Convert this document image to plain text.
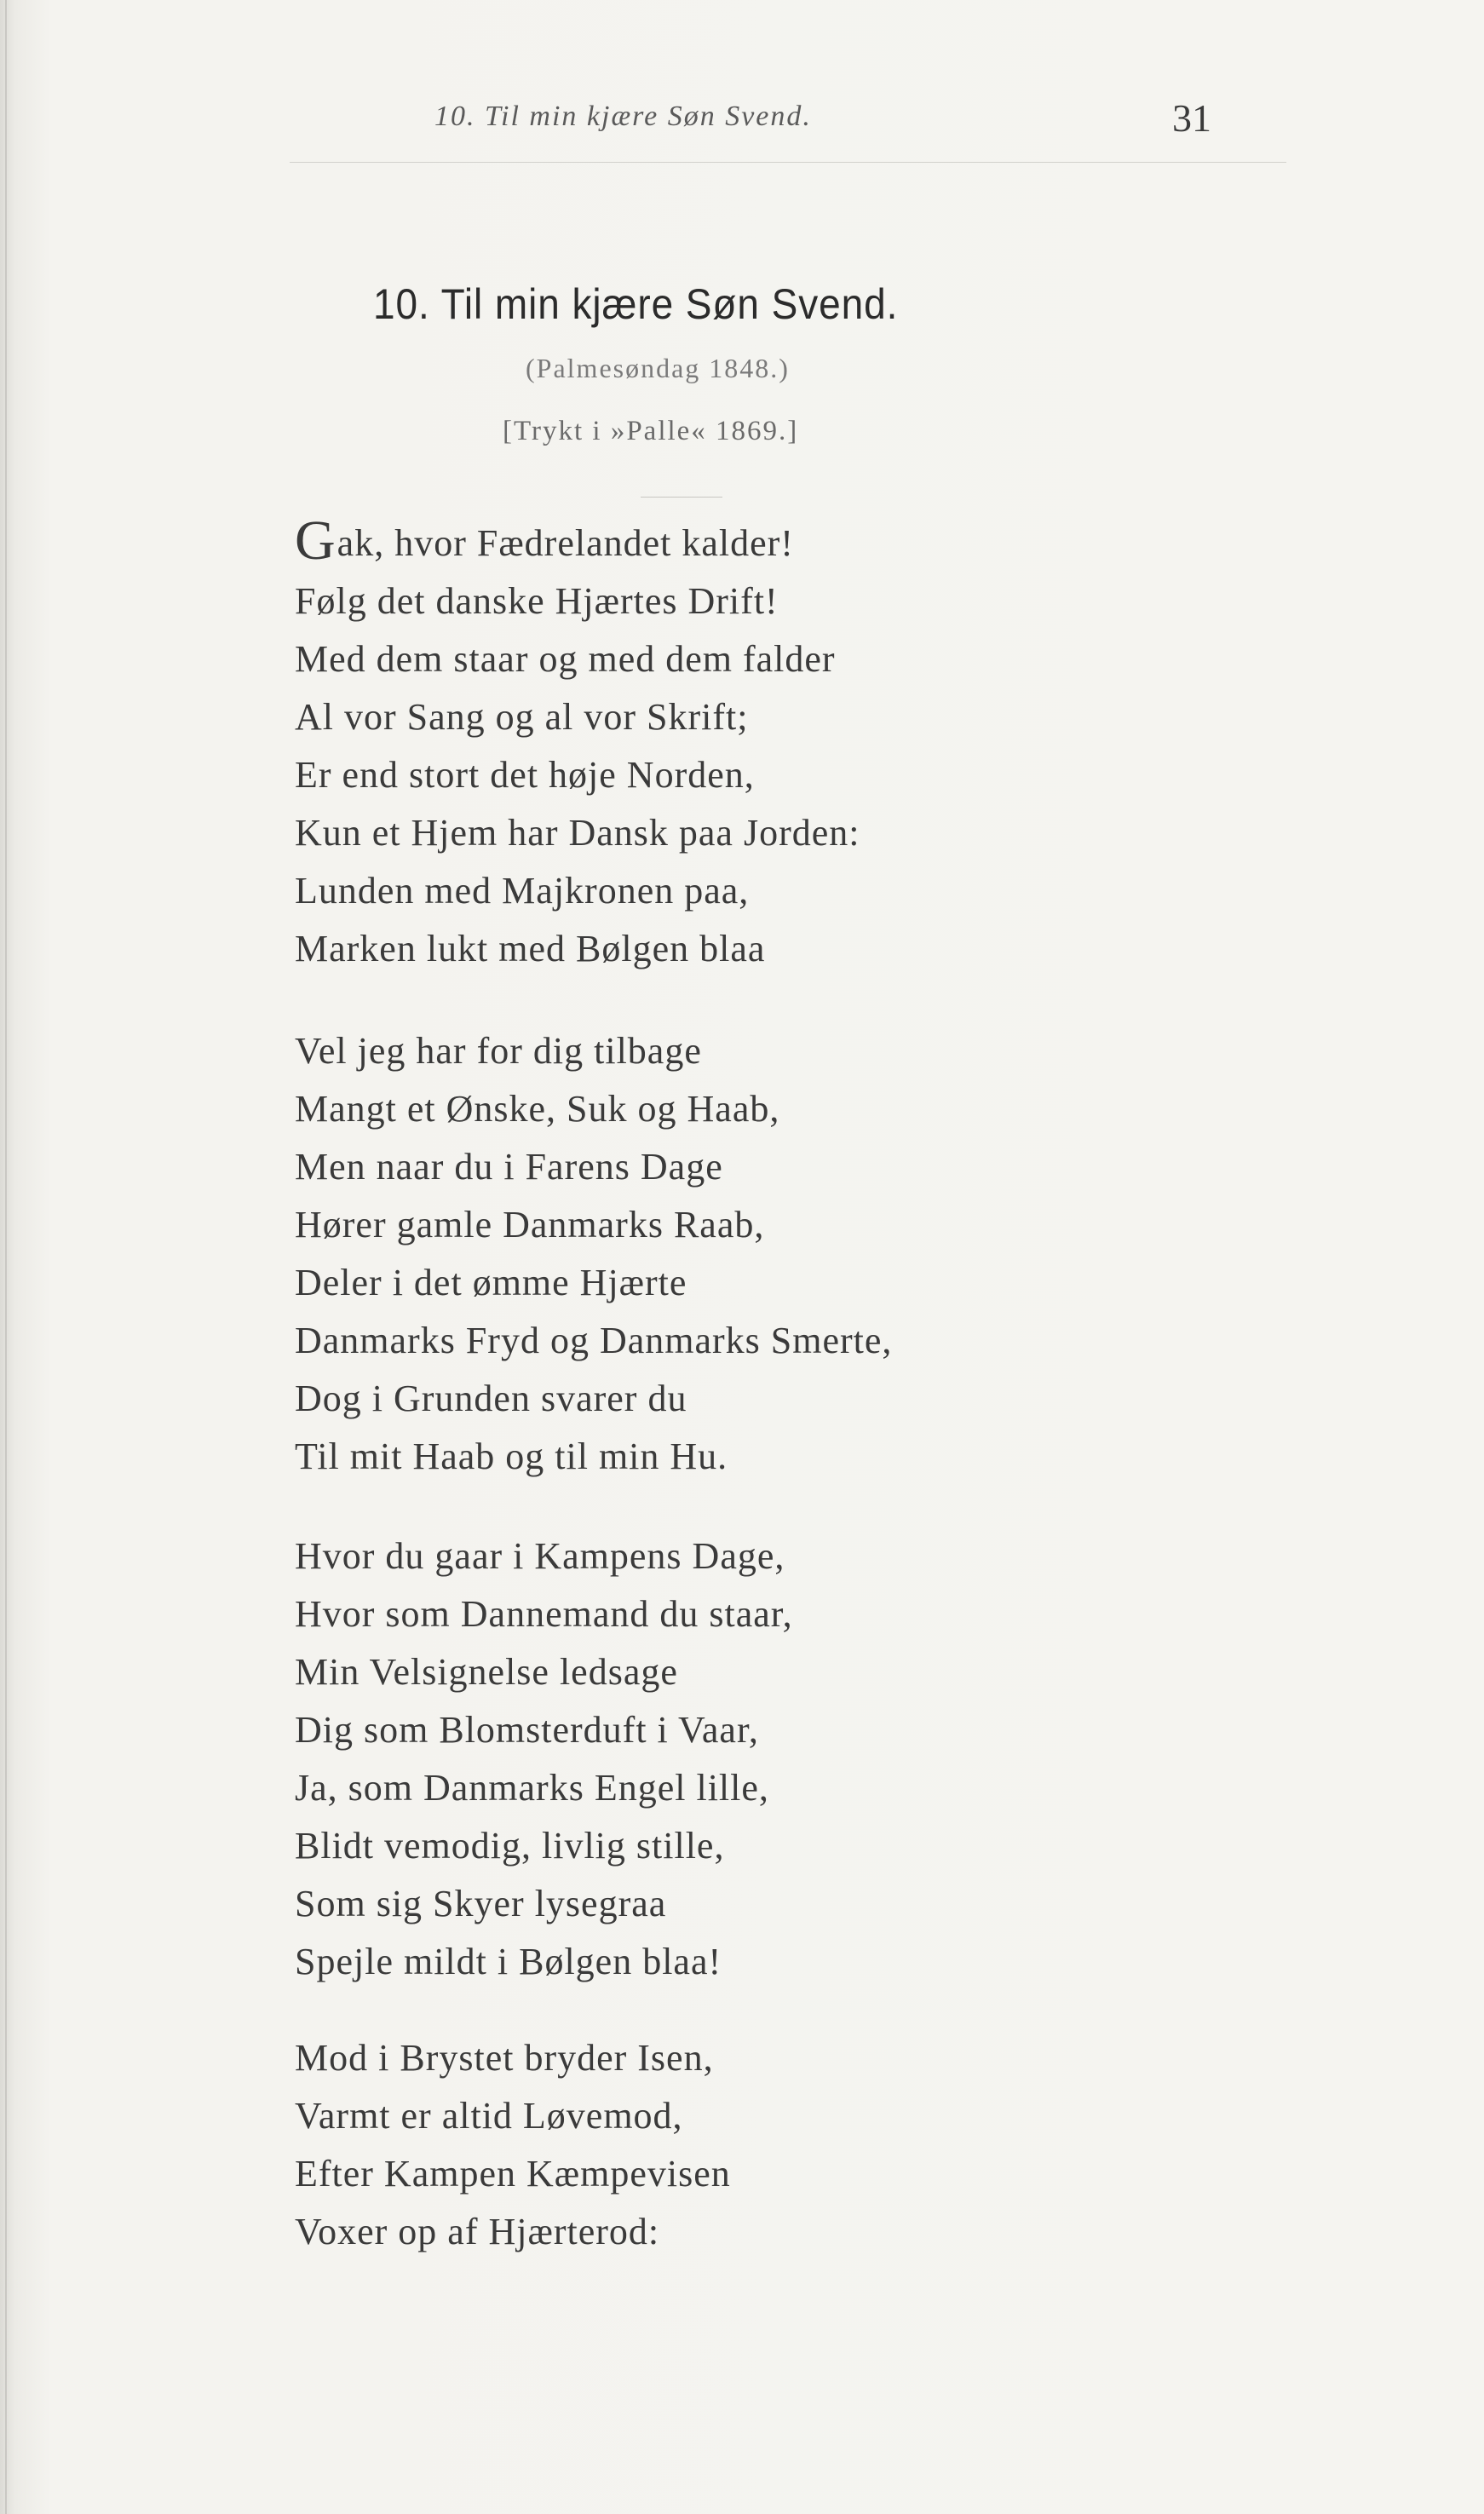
10. Til min kjære Søn Svend.	31
10. Til min kjære Søn Svend.
(Palmesøndag 1848.)
[Trykt i »Palle« 1869.]
Gak, hvor Fædrelandet kalder!
Følg det danske Hjærtes Drift!
Med dem staar og med dem falder
Al vor Sang og al vor Skrift;
Er end stort det høje Norden,
Kun et Hjem har Dansk paa Jorden:
Lunden med Majkronen paa,
Marken lukt med Bølgen blaa
Vel jeg har for dig tilbage
Mangt et Ønske, Suk og Haab,
Men naar du i Farens Dage
Hører gamle Danmarks Raab,
Deler i det ømme Hjærte
Danmarks Fryd og Danmarks Smerte,
Dog i Grunden svarer du
Til mit Haab og til min Hu.
Hvor du gaar i Kampens Dage,
Hvor som Dannemand du staar,
Min Velsignelse ledsage
Dig som Blomsterduft i Vaar,
Ja, som Danmarks Engel lille,
Blidt vemodig, livlig stille,
Som sig Skyer lysegraa
Spejle mildt i Bølgen blaa!
Mod i Brystet bryder Isen,
Varmt er altid Løvemod,
Efter Kampen Kæmpevisen
Voxer op af Hjærterod:
